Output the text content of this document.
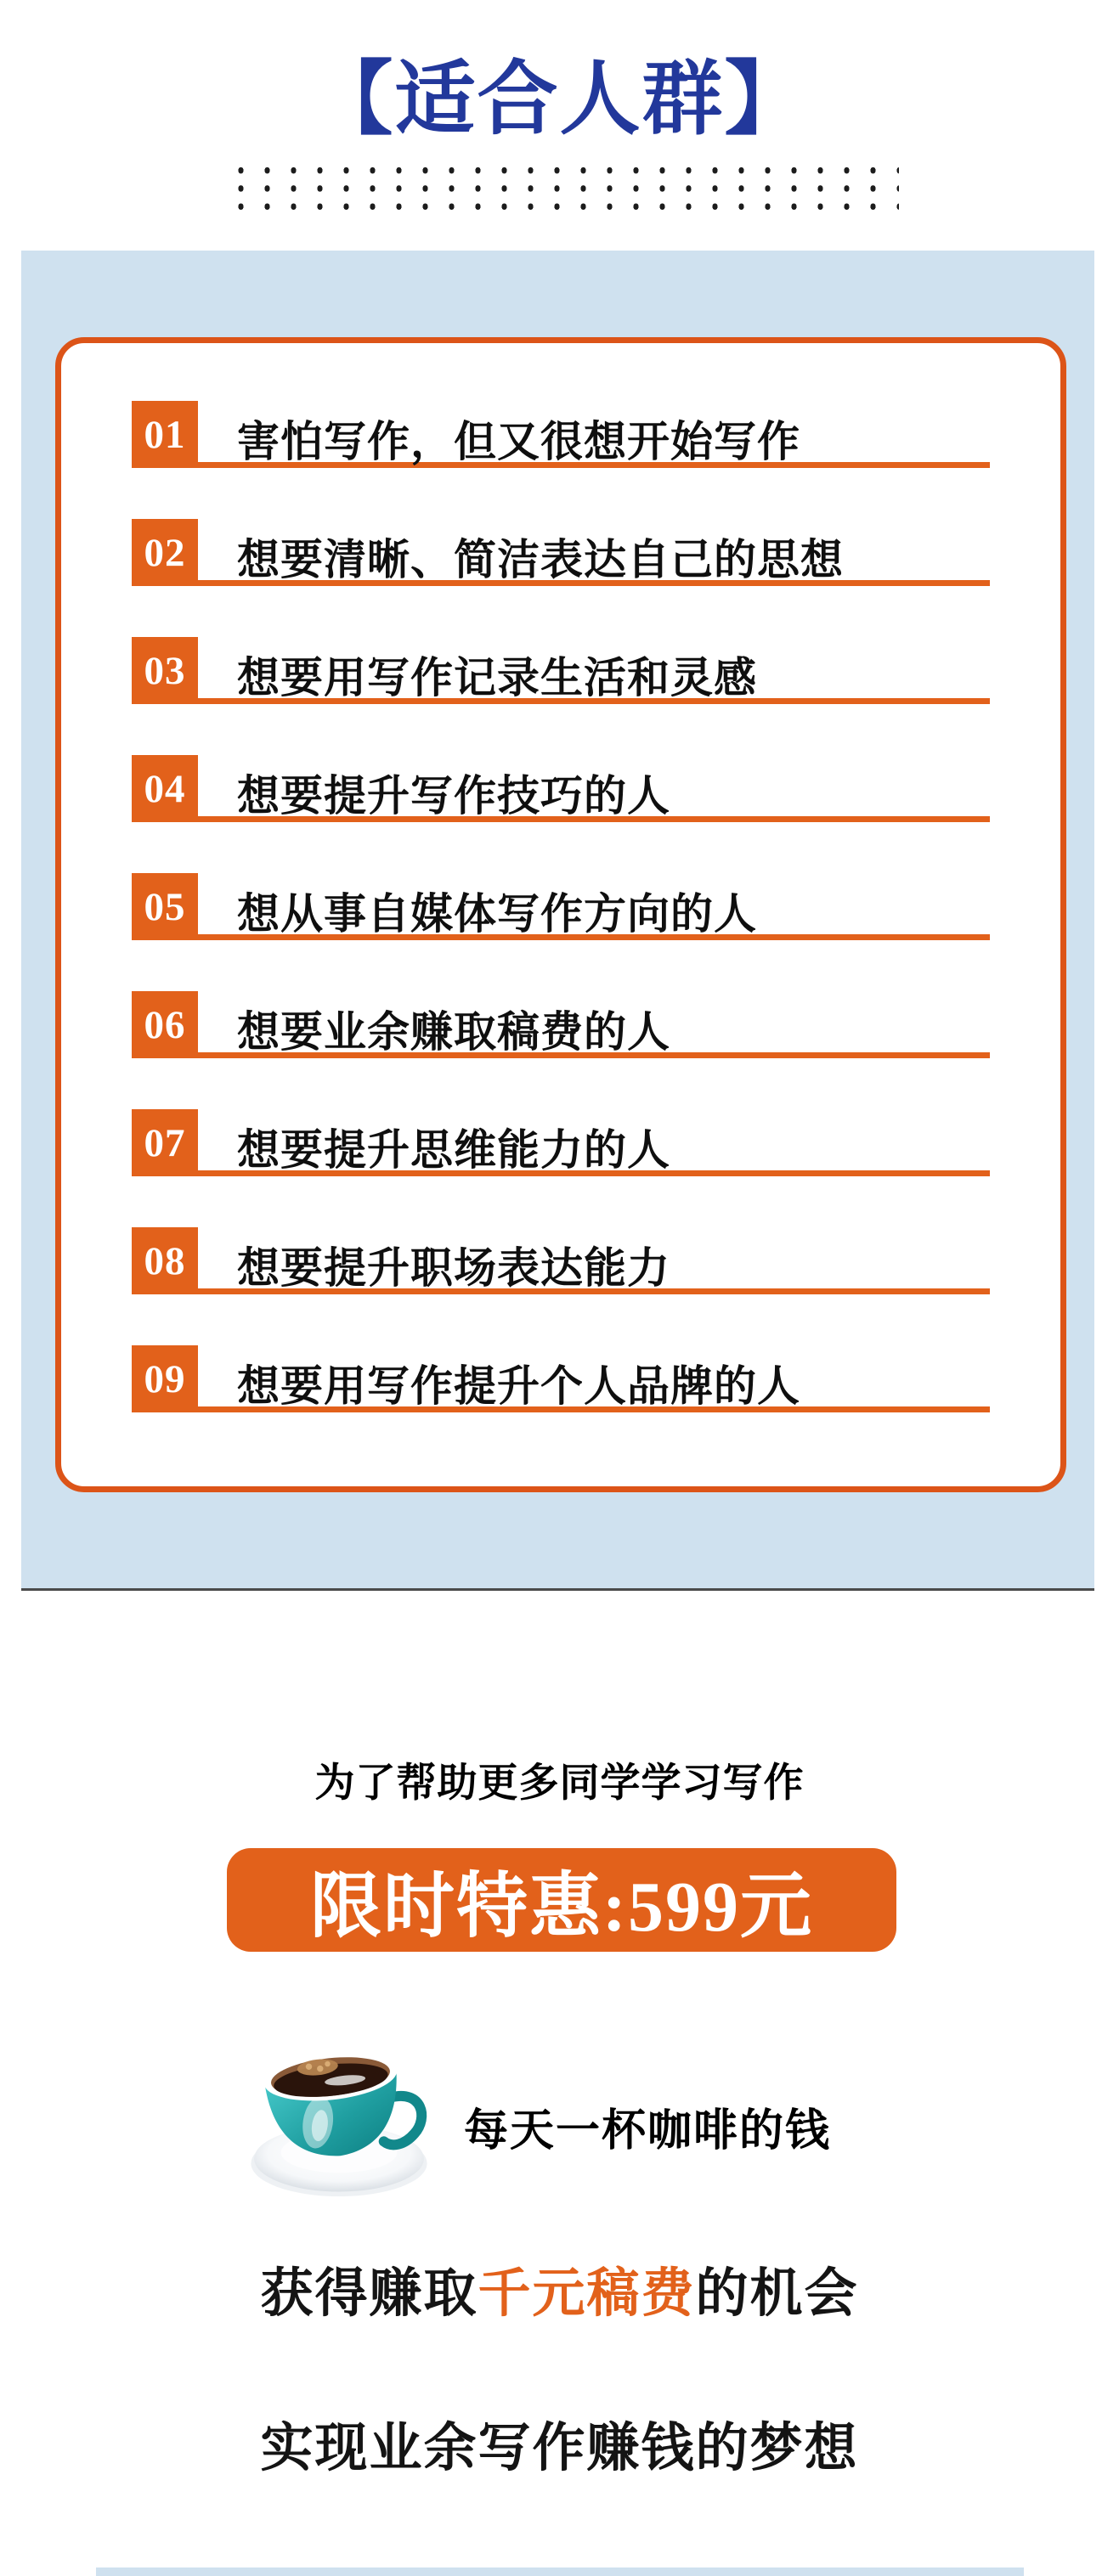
【适合人群】
01 害怕写作，但又很想开始写作
02 想要清晰、简洁表达自己的思想
03 想要用写作记录生活和灵感
04 想要提升写作技巧的人
05 想从事自媒体写作方向的人
06 想要业余赚取稿费的人
07 想要提升思维能力的人
08 想要提升职场表达能力
09 想要用写作提升个人品牌的人
为了帮助更多同学学习写作
限时特惠:599元
每天一杯咖啡的钱
获得赚取千元稿费的机会
实现业余写作赚钱的梦想
